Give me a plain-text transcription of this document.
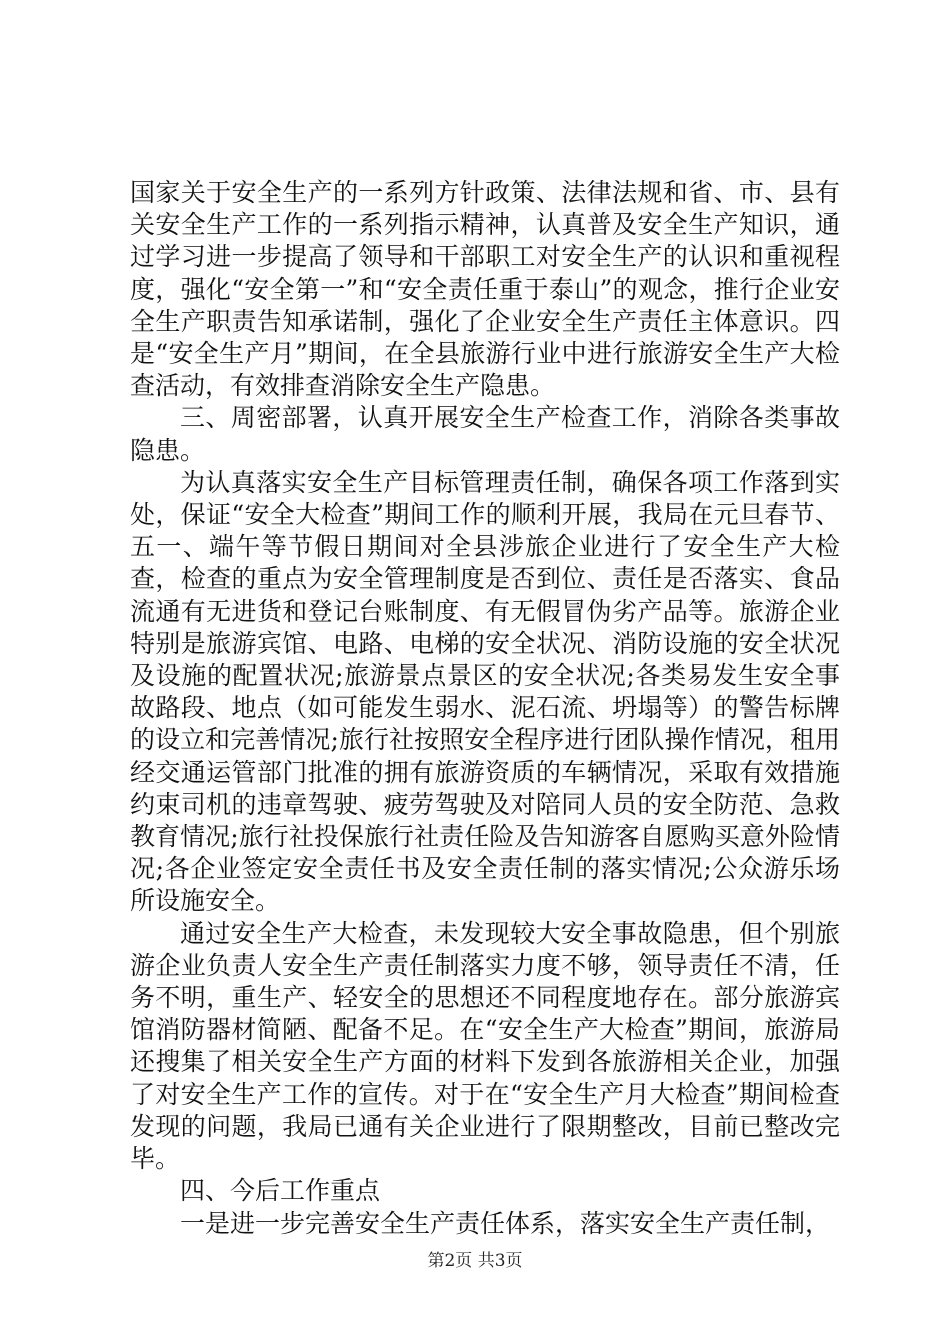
国家关于安全生产的一系列方针政策、法律法规和省、市、县有关安全生产工作的一系列指示精神，认真普及安全生产知识，通过学习进一步提高了领导和干部职工对安全生产的认识和重视程度，强化“安全第一”和“安全责任重于泰山”的观念，推行企业安全生产职责告知承诺制，强化了企业安全生产责任主体意识。四是“安全生产月”期间，在全县旅游行业中进行旅游安全生产大检查活动，有效排查消除安全生产隐患。

三、周密部署，认真开展安全生产检查工作，消除各类事故隐患。

为认真落实安全生产目标管理责任制，确保各项工作落到实处，保证“安全大检查”期间工作的顺利开展，我局在元旦春节、五一、端午等节假日期间对全县涉旅企业进行了安全生产大检查，检查的重点为安全管理制度是否到位、责任是否落实、食品流通有无进货和登记台账制度、有无假冒伪劣产品等。旅游企业特别是旅游宾馆、电路、电梯的安全状况、消防设施的安全状况及设施的配置状况;旅游景点景区的安全状况;各类易发生安全事故路段、地点（如可能发生弱水、泥石流、坍塌等）的警告标牌的设立和完善情况;旅行社按照安全程序进行团队操作情况，租用经交通运管部门批准的拥有旅游资质的车辆情况，采取有效措施约束司机的违章驾驶、疲劳驾驶及对陪同人员的安全防范、急救教育情况;旅行社投保旅行社责任险及告知游客自愿购买意外险情况;各企业签定安全责任书及安全责任制的落实情况;公众游乐场所设施安全。

通过安全生产大检查，未发现较大安全事故隐患，但个别旅游企业负责人安全生产责任制落实力度不够，领导责任不清，任务不明，重生产、轻安全的思想还不同程度地存在。部分旅游宾馆消防器材简陋、配备不足。在“安全生产大检查”期间，旅游局还搜集了相关安全生产方面的材料下发到各旅游相关企业，加强了对安全生产工作的宣传。对于在“安全生产月大检查”期间检查发现的问题，我局已通有关企业进行了限期整改，目前已整改完毕。

四、今后工作重点

一是进一步完善安全生产责任体系，落实安全生产责任制，

第2页 共3页
